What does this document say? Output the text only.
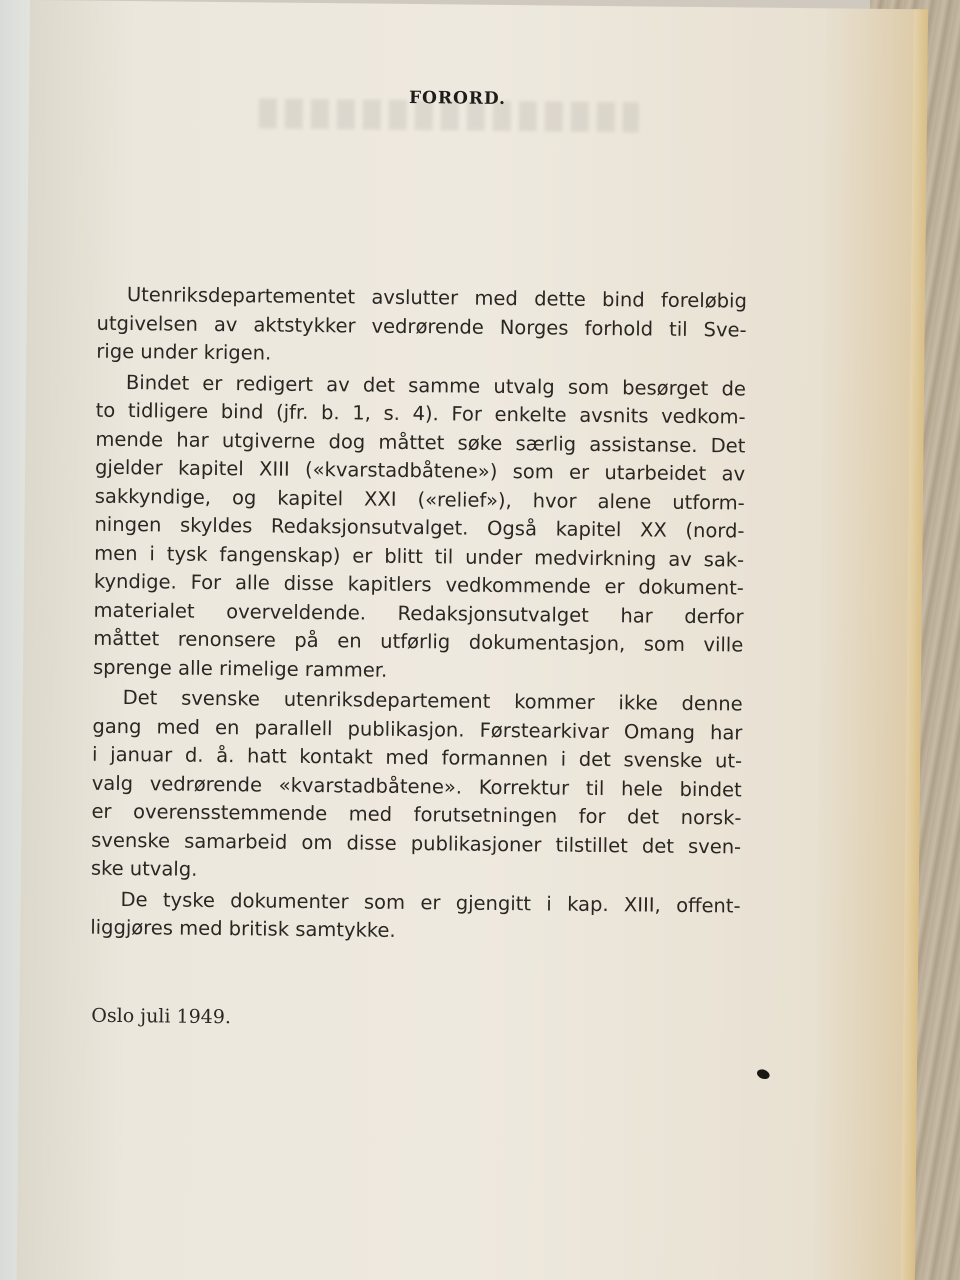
FORORD.
Utenriksdepartementet avslutter med dette bind foreløbig
utgivelsen av aktstykker vedrørende Norges forhold til Sve-
rige under krigen.
Bindet er redigert av det samme utvalg som besørget de
to tidligere bind (jfr. b. 1, s. 4). For enkelte avsnits vedkom-
mende har utgiverne dog måttet søke særlig assistanse. Det
gjelder kapitel XIII («kvarstadbåtene») som er utarbeidet av
sakkyndige, og kapitel XXI («relief»), hvor alene utform-
ningen skyldes Redaksjonsutvalget. Også kapitel XX (nord-
men i tysk fangenskap) er blitt til under medvirkning av sak-
kyndige. For alle disse kapitlers vedkommende er dokument-
materialet overveldende. Redaksjonsutvalget har derfor
måttet renonsere på en utførlig dokumentasjon, som ville
sprenge alle rimelige rammer.
Det svenske utenriksdepartement kommer ikke denne
gang med en parallell publikasjon. Førstearkivar Omang har
i januar d. å. hatt kontakt med formannen i det svenske ut-
valg vedrørende «kvarstadbåtene». Korrektur til hele bindet
er overensstemmende med forutsetningen for det norsk-
svenske samarbeid om disse publikasjoner tilstillet det sven-
ske utvalg.
De tyske dokumenter som er gjengitt i kap. XIII, offent-
liggjøres med britisk samtykke.
Oslo juli 1949.
